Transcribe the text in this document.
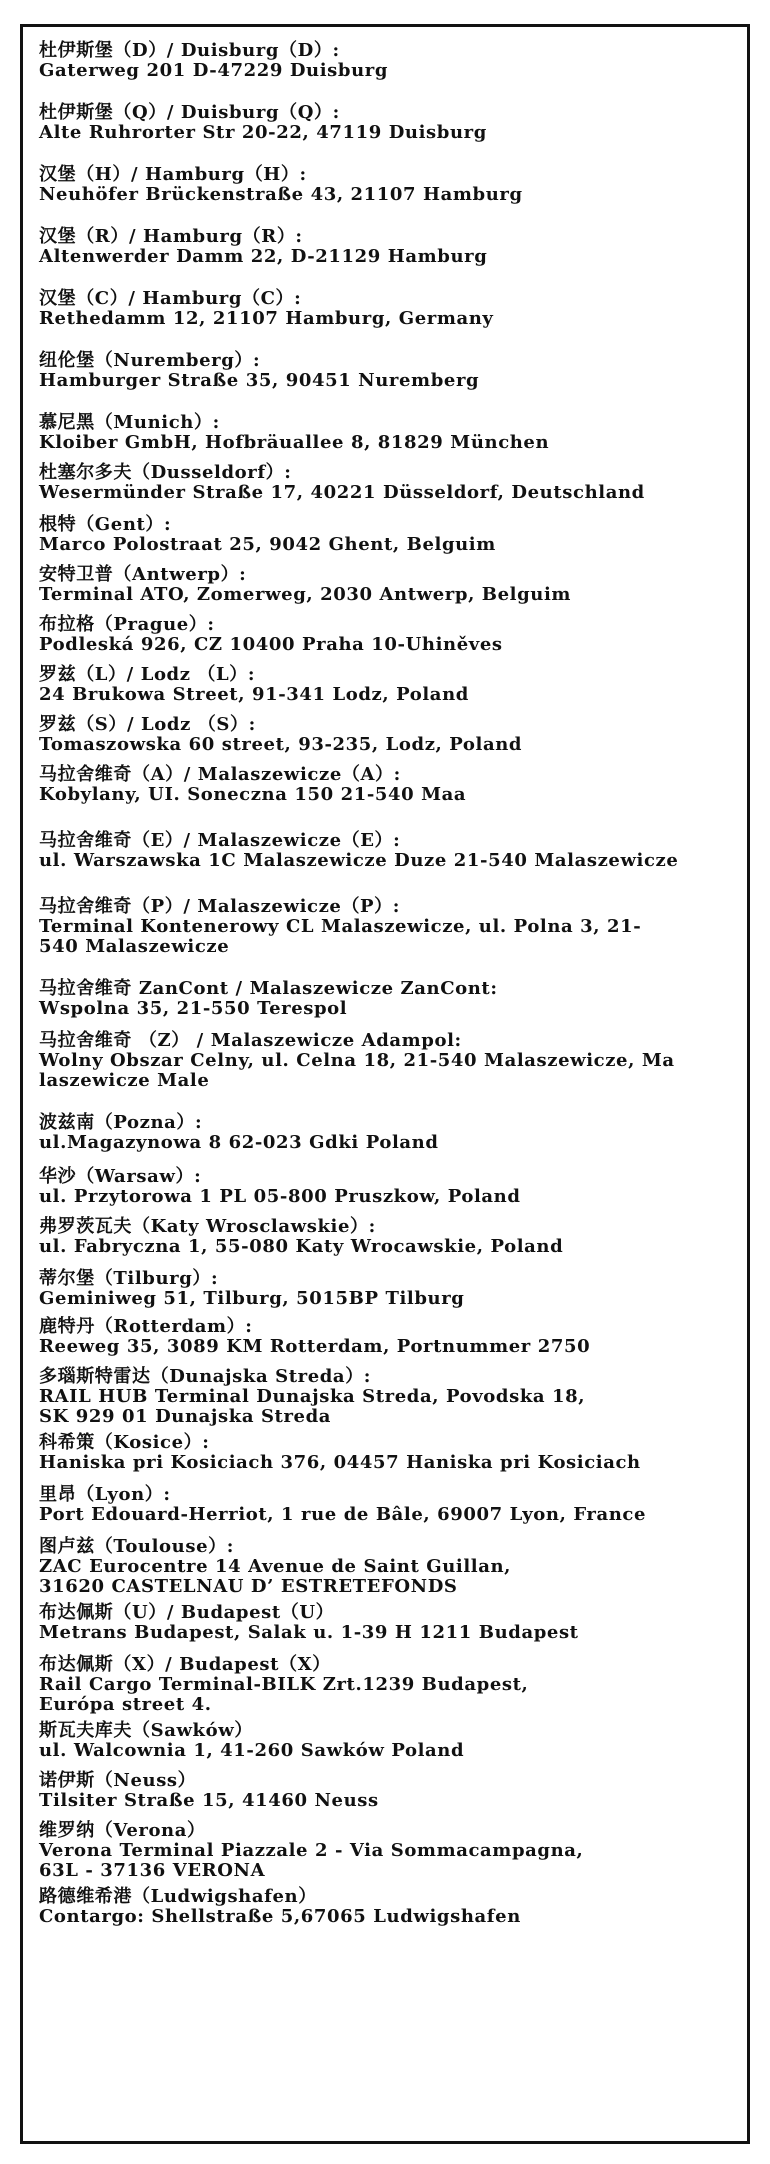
杜伊斯堡（D）/ Duisburg（D）:
Gaterweg 201 D-47229 Duisburg
杜伊斯堡（Q）/ Duisburg（Q）:
Alte Ruhrorter Str 20-22, 47119 Duisburg
汉堡（H）/ Hamburg（H）:
Neuhöfer Brückenstraße 43, 21107 Hamburg
汉堡（R）/ Hamburg（R）:
Altenwerder Damm 22, D-21129 Hamburg
汉堡（C）/ Hamburg（C）:
Rethedamm 12, 21107 Hamburg, Germany
纽伦堡（Nuremberg）:
Hamburger Straße 35, 90451 Nuremberg
慕尼黑（Munich）:
Kloiber GmbH, Hofbräuallee 8, 81829 München
杜塞尔多夫（Dusseldorf）:
Wesermünder Straße 17, 40221 Düsseldorf, Deutschland
根特（Gent）:
Marco Polostraat 25, 9042 Ghent, Belguim
安特卫普（Antwerp）:
Terminal ATO, Zomerweg, 2030 Antwerp, Belguim
布拉格（Prague）:
Podleská 926, CZ 10400 Praha 10-Uhiněves
罗兹（L）/ Lodz （L）:
24 Brukowa Street, 91-341 Lodz, Poland
罗兹（S）/ Lodz （S）:
Tomaszowska 60 street, 93-235, Lodz, Poland
马拉舍维奇（A）/ Malaszewicze（A）:
Kobylany, UI. Soneczna 150 21-540 Maa
马拉舍维奇（E）/ Malaszewicze（E）:
ul. Warszawska 1C Malaszewicze Duze 21-540 Malaszewicze
马拉舍维奇（P）/ Malaszewicze（P）:
Terminal Kontenerowy CL Malaszewicze, ul. Polna 3, 21-
540 Malaszewicze
马拉舍维奇 ZanCont / Malaszewicze ZanCont:
Wspolna 35, 21-550 Terespol
马拉舍维奇 （Z） / Malaszewicze Adampol:
Wolny Obszar Celny, ul. Celna 18, 21-540 Malaszewicze, Ma
laszewicze Male
波兹南（Pozna）:
ul.Magazynowa 8 62-023 Gdki Poland
华沙（Warsaw）:
ul. Przytorowa 1 PL 05-800 Pruszkow, Poland
弗罗茨瓦夫（Katy Wrosclawskie）:
ul. Fabryczna 1, 55-080 Katy Wrocawskie, Poland
蒂尔堡（Tilburg）:
Geminiweg 51, Tilburg, 5015BP Tilburg
鹿特丹（Rotterdam）:
Reeweg 35, 3089 KM Rotterdam, Portnummer 2750
多瑙斯特雷达（Dunajska Streda）:
RAIL HUB Terminal Dunajska Streda, Povodska 18,
SK 929 01 Dunajska Streda
科希策（Kosice）:
Haniska pri Kosiciach 376, 04457 Haniska pri Kosiciach
里昂（Lyon）:
Port Edouard-Herriot, 1 rue de Bâle, 69007 Lyon, France
图卢兹（Toulouse）:
ZAC Eurocentre 14 Avenue de Saint Guillan,
31620 CASTELNAU D’ ESTRETEFONDS
布达佩斯（U）/ Budapest（U）
Metrans Budapest, Salak u. 1-39 H 1211 Budapest
布达佩斯（X）/ Budapest（X）
Rail Cargo Terminal-BILK Zrt.1239 Budapest,
Európa street 4.
斯瓦夫库夫（Sawków）
ul. Walcownia 1, 41-260 Sawków Poland
诺伊斯（Neuss）
Tilsiter Straße 15, 41460 Neuss
维罗纳（Verona）
Verona Terminal Piazzale 2 - Via Sommacampagna,
63L - 37136 VERONA
路德维希港（Ludwigshafen）
Contargo: Shellstraße 5,67065 Ludwigshafen
